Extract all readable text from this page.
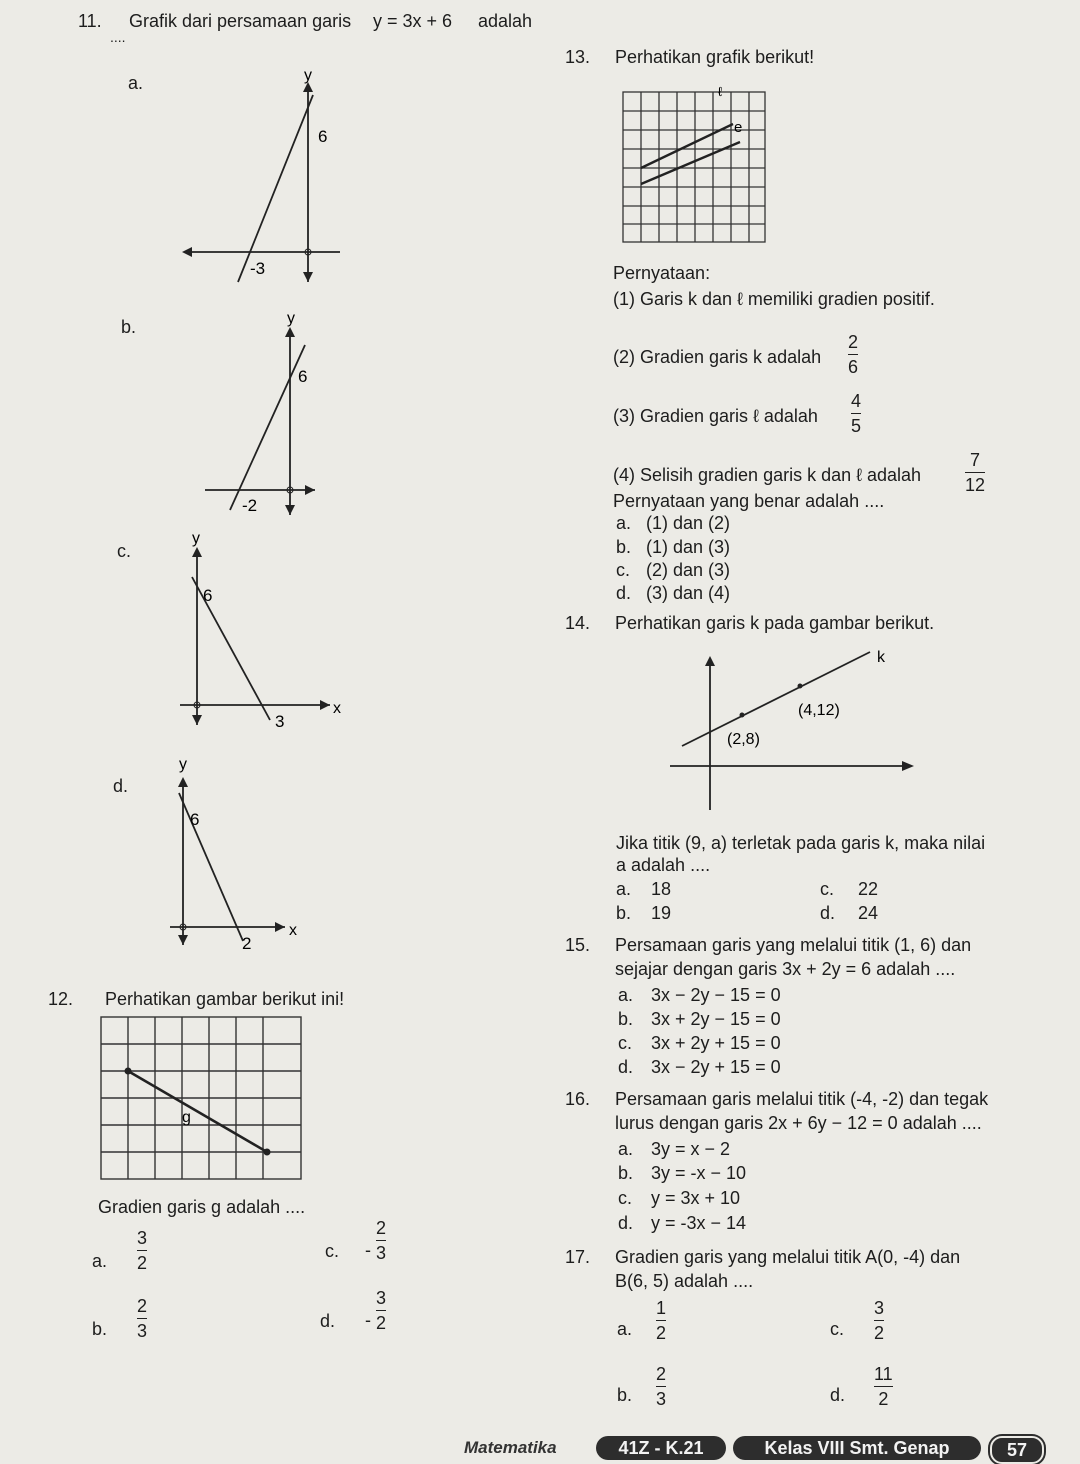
11. Grafik dari persamaan garis y = 3x + 6 adalah
....
a.	y
6
-3
b.	y
6
-2
c.
y
6
3
x
d.
y
6
2
x
12. Perhatikan gambar berikut ini!
g
Gradien garis g adalah ....
a.
3
2
b.
2
3
c. -
2
3
d. -
3
2
13. Perhatikan grafik berikut!
ℓ
e
Pernyataan:
(1) Garis k dan ℓ memiliki gradien positif.
(2) Gradien garis k adalah
2
6
(3) Gradien garis ℓ adalah
4
5
(4) Selisih gradien garis k dan ℓ adalah
7
12
Pernyataan yang benar adalah ....
a. (1) dan (2)
b. (1) dan (3)
c. (2) dan (3)
d. (3) dan (4)
14. Perhatikan garis k pada gambar berikut.
k
(4,12)
(2,8)
Jika titik (9, a) terletak pada garis k, maka nilai
a adalah ....
a. 18
b. 19
c. 22
d. 24
15. Persamaan garis yang melalui titik (1, 6) dan
sejajar dengan garis 3x + 2y = 6 adalah ....
a. 3x − 2y − 15 = 0
b. 3x + 2y − 15 = 0
c. 3x + 2y + 15 = 0
d. 3x − 2y + 15 = 0
16. Persamaan garis melalui titik (-4, -2) dan tegak
lurus dengan garis 2x + 6y − 12 = 0 adalah ....
a. 3y = x − 2
b. 3y = -x − 10
c. y = 3x + 10
d. y = -3x − 14
17. Gradien garis yang melalui titik A(0, -4) dan
B(6, 5) adalah ....
a.
1
2
b.
2
3
c.
3
2
d.
11
2
Matematika	41Z - K.21	Kelas VIII Smt. Genap	57
